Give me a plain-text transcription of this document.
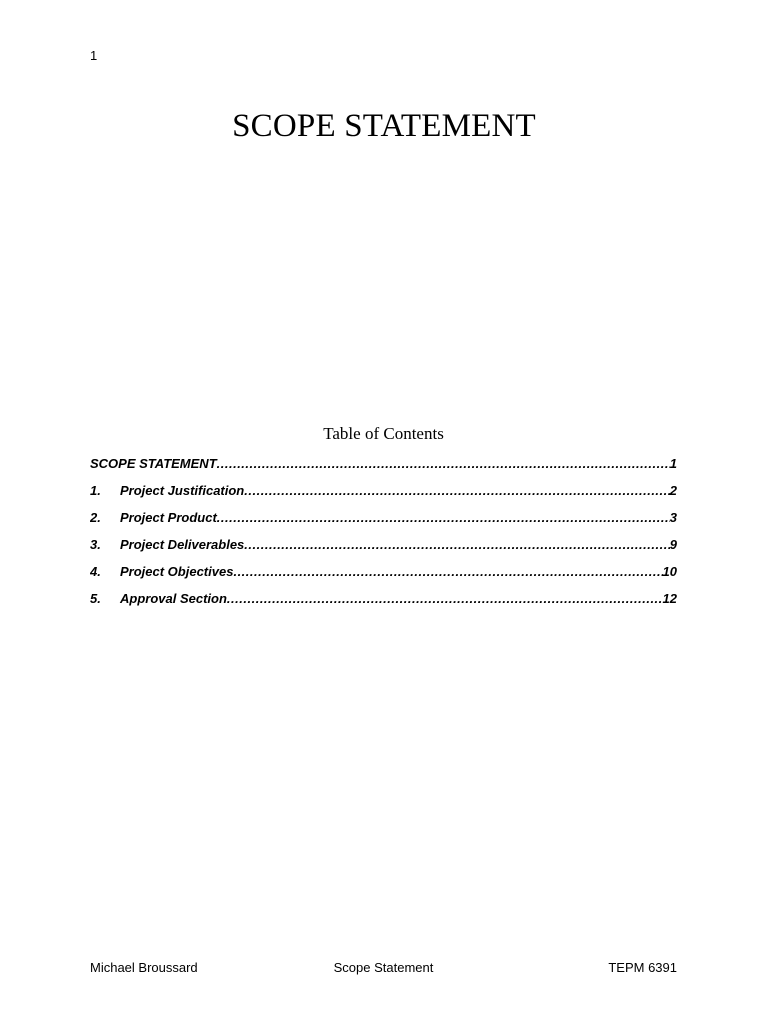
1
SCOPE STATEMENT
Table of Contents
SCOPE STATEMENT .....	1
1.	Project Justification .....	2
2.	Project Product .....	3
3.	Project Deliverables .....	9
4.	Project Objectives .....	10
5.	Approval Section .....	12
Michael Broussard	Scope Statement	TEPM 6391
